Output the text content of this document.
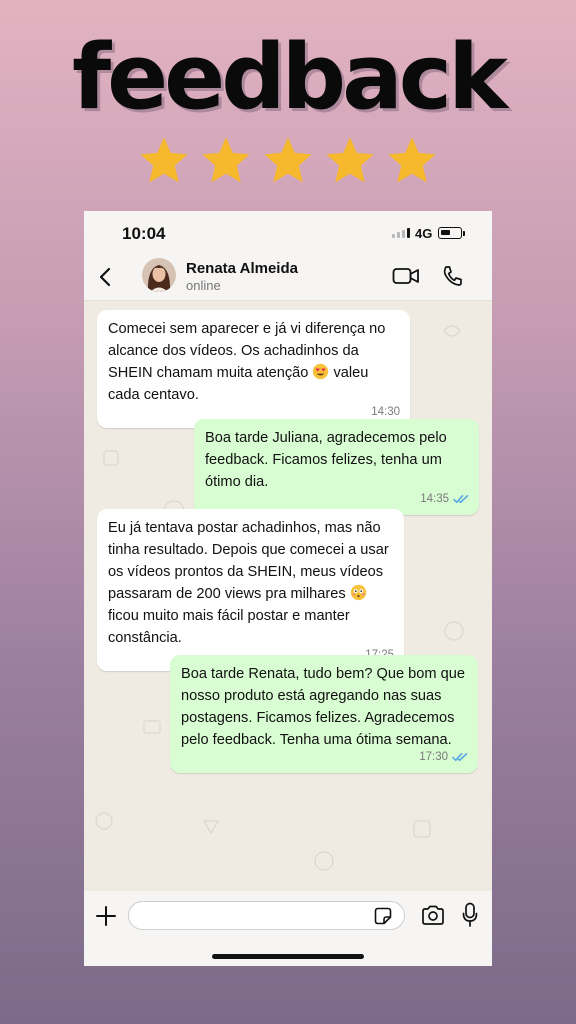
feedback
10:04	4G
Renata Almeida
online
Comecei sem aparecer e já vi diferença no alcance dos vídeos. Os achadinhos da SHEIN chamam muita atenção  valeu cada centavo.
14:30
Boa tarde Juliana, agradecemos pelo feedback. Ficamos felizes, tenha um ótimo dia.
14:35
Eu já tentava postar achadinhos, mas não tinha resultado. Depois que comecei a usar os vídeos prontos da SHEIN, meus vídeos passaram de 200 views pra milhares  ficou muito mais fácil postar e manter constância.
Boa tarde Renata, tudo bem? Que bom que nosso produto está agregando nas suas postagens. Ficamos felizes. Agradecemos pelo feedback. Tenha uma ótima semana.
17:30
